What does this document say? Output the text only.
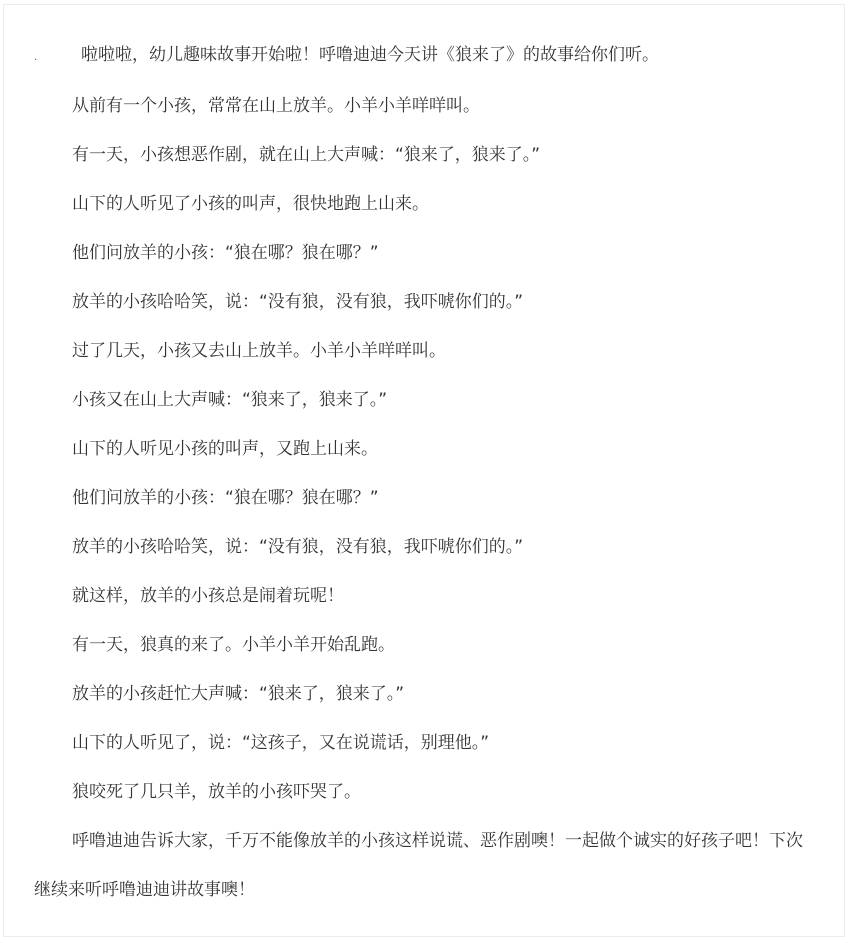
.	啦啦啦，幼儿趣味故事开始啦！呼噜迪迪今天讲《狼来了》的故事给你们听。

从前有一个小孩，常常在山上放羊。小羊小羊咩咩叫。

有一天，小孩想恶作剧，就在山上大声喊：“狼来了，狼来了。”

山下的人听见了小孩的叫声，很快地跑上山来。

他们问放羊的小孩：“狼在哪？狼在哪？”

放羊的小孩哈哈笑，说：“没有狼，没有狼，我吓唬你们的。”

过了几天，小孩又去山上放羊。小羊小羊咩咩叫。

小孩又在山上大声喊：“狼来了，狼来了。”

山下的人听见小孩的叫声，又跑上山来。

他们问放羊的小孩：“狼在哪？狼在哪？”

放羊的小孩哈哈笑，说：“没有狼，没有狼，我吓唬你们的。”

就这样，放羊的小孩总是闹着玩呢！

有一天，狼真的来了。小羊小羊开始乱跑。

放羊的小孩赶忙大声喊：“狼来了，狼来了。”

山下的人听见了，说：“这孩子，又在说谎话，别理他。”

狼咬死了几只羊，放羊的小孩吓哭了。

呼噜迪迪告诉大家，千万不能像放羊的小孩这样说谎、恶作剧噢！一起做个诚实的好孩子吧！下次继续来听呼噜迪迪讲故事噢！
